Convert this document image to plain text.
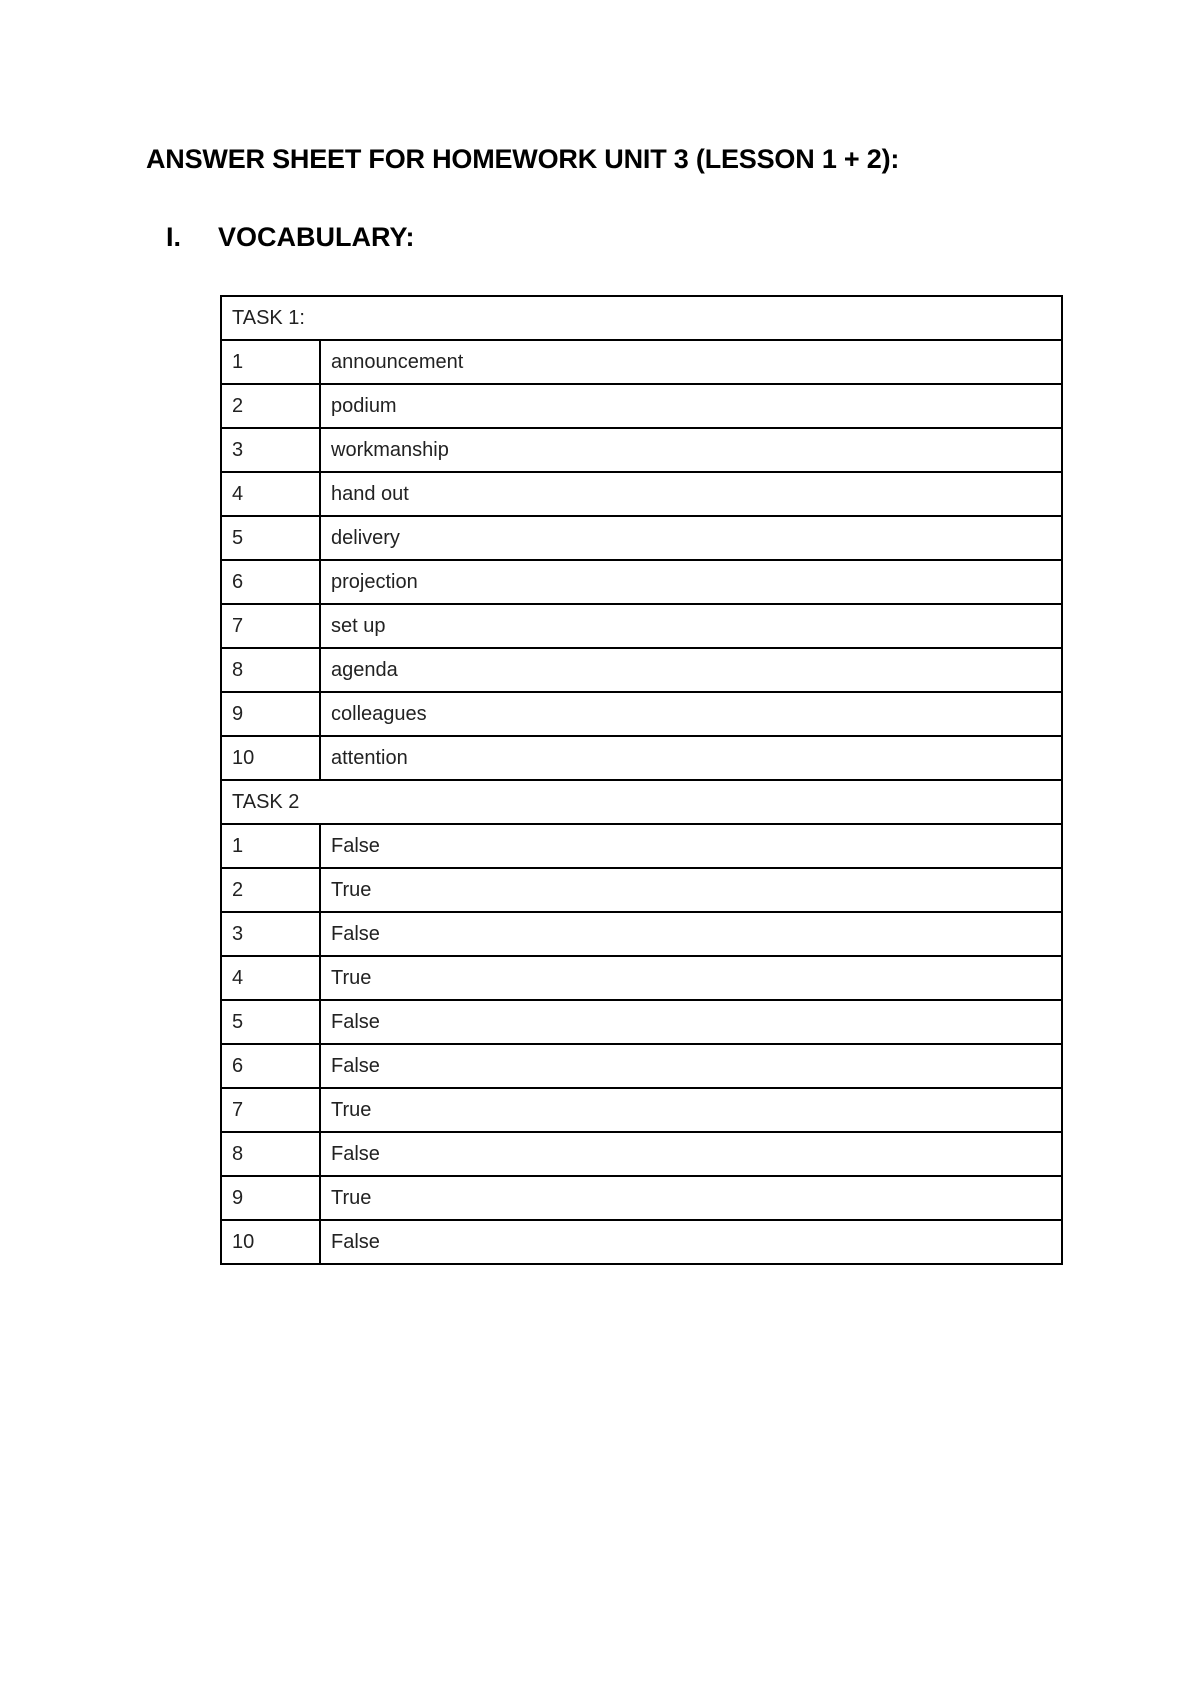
ANSWER SHEET FOR HOMEWORK UNIT 3 (LESSON 1 + 2):
I. VOCABULARY:
TASK 1:	
1	announcement
2	podium
3	workmanship
4	hand out
5	delivery
6	projection
7	set up
8	agenda
9	colleagues
10	attention
TASK 2	
1	False
2	True
3	False
4	True
5	False
6	False
7	True
8	False
9	True
10	False
